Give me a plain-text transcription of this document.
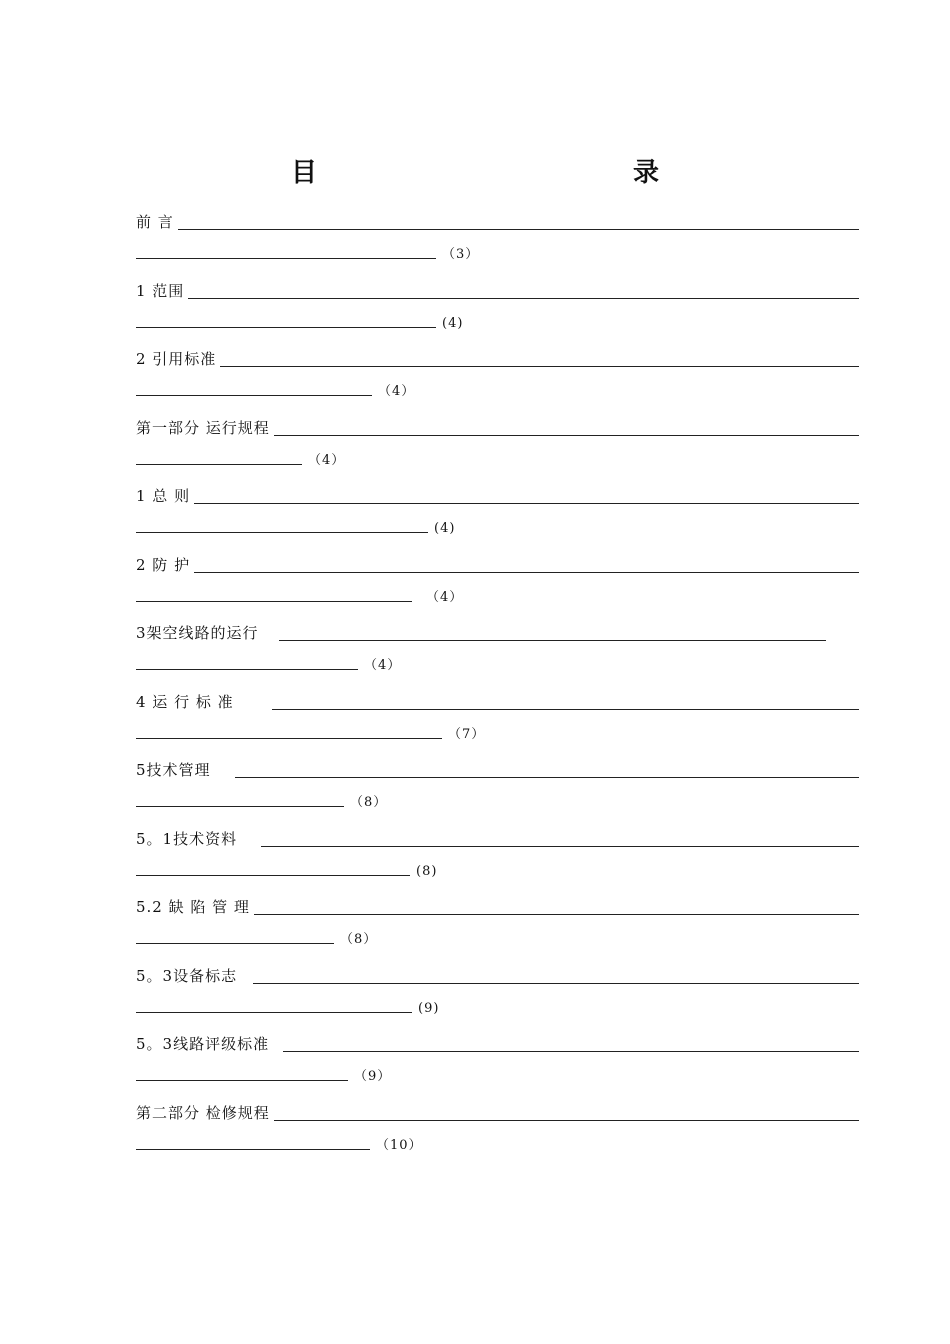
目　　录
前 言
（3）
1 范围
(4)
2 引用标准
（4）
第一部分 运行规程
（4）
1 总 则
(4)
2 防 护
（4）
3架空线路的运行
（4）
4 运 行 标 准
（7）
5技术管理
（8）
5。1技术资料
(8)
5.2 缺 陷 管 理
（8）
5。3设备标志
(9)
5。3线路评级标准
（9）
第二部分 检修规程
（10）
